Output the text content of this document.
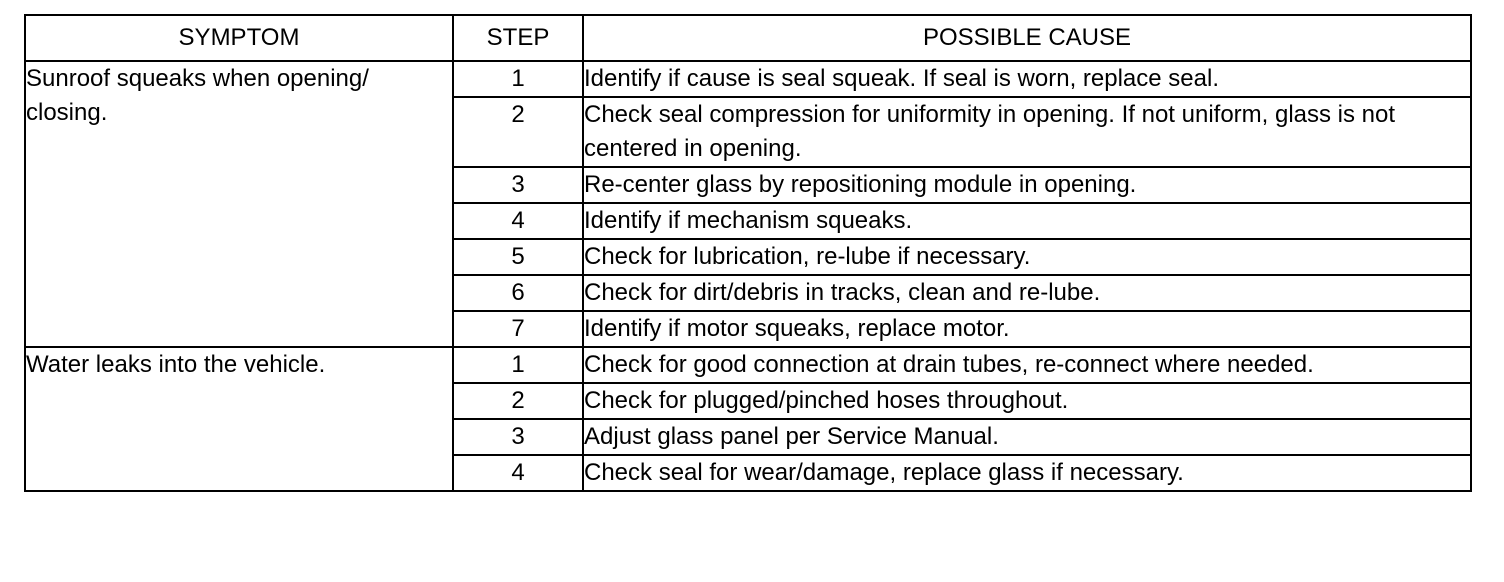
SYMPTOM	STEP	POSSIBLE CAUSE
Sunroof squeaks when opening/ closing.	1	Identify if cause is seal squeak. If seal is worn, replace seal.
	2	Check seal compression for uniformity in opening. If not uniform, glass is not centered in opening.
	3	Re-center glass by repositioning module in opening.
	4	Identify if mechanism squeaks.
	5	Check for lubrication, re-lube if necessary.
	6	Check for dirt/debris in tracks, clean and re-lube.
	7	Identify if motor squeaks, replace motor.
Water leaks into the vehicle.	1	Check for good connection at drain tubes, re-connect where needed.
	2	Check for plugged/pinched hoses throughout.
	3	Adjust glass panel per Service Manual.
	4	Check seal for wear/damage, replace glass if necessary.
